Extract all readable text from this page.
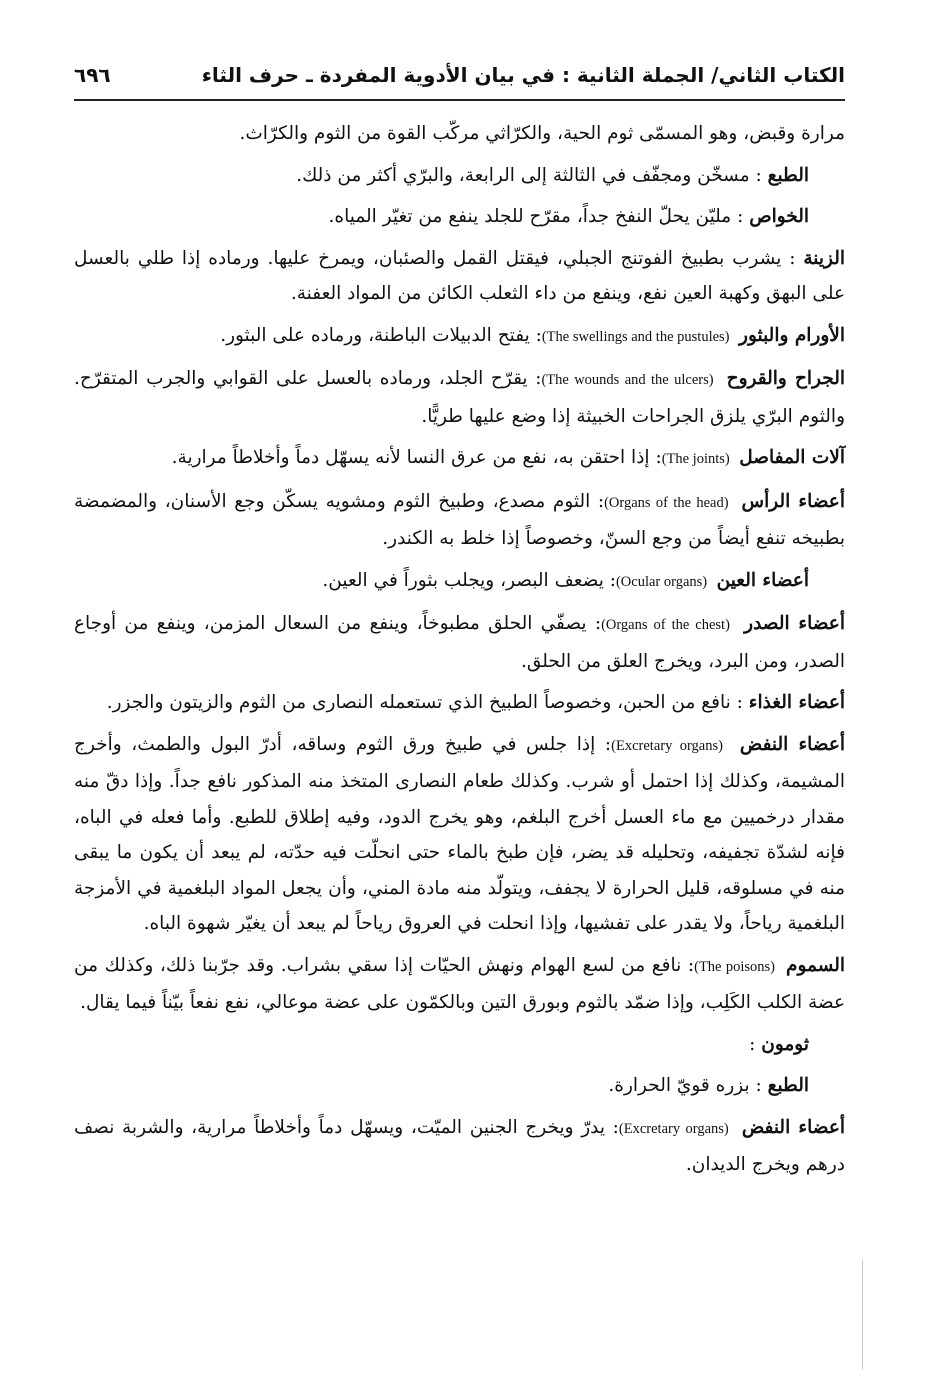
الكتاب الثاني/ الجملة الثانية : في بيان الأدوية المفردة ـ حرف الثاء
٦٩٦

مرارة وقبض، وهو المسمّى ثوم الحية، والكرّاثي مركّب القوة من الثوم والكرّاث.

الطبع : مسخّن ومجفّف في الثالثة إلى الرابعة، والبرّي أكثر من ذلك.

الخواص : مليّن يحلّ النفخ جداً، مقرّح للجلد ينفع من تغيّر المياه.

الزينة : يشرب بطبيخ الفوتنج الجبلي، فيقتل القمل والصئبان، ويمرخ عليها. ورماده إذا طلي بالعسل على البهق وكهبة العين نفع، وينفع من داء الثعلب الكائن من المواد العفنة.

الأورام والبثور (The swellings and the pustules) : يفتح الدبيلات الباطنة، ورماده على البثور.

الجراح والقروح (The wounds and the ulcers) : يقرّح الجلد، ورماده بالعسل على القوابي والجرب المتقرّح. والثوم البرّي يلزق الجراحات الخبيثة إذا وضع عليها طريًّا.

آلات المفاصل (The joints) : إذا احتقن به، نفع من عرق النسا لأنه يسهّل دماً وأخلاطاً مرارية.

أعضاء الرأس (Organs of the head) : الثوم مصدع، وطبيخ الثوم ومشويه يسكّن وجع الأسنان، والمضمضة بطبيخه تنفع أيضاً من وجع السنّ، وخصوصاً إذا خلط به الكندر.

أعضاء العين (Ocular organs) : يضعف البصر، ويجلب بثوراً في العين.

أعضاء الصدر (Organs of the chest) : يصفّي الحلق مطبوخاً، وينفع من السعال المزمن، وينفع من أوجاع الصدر، ومن البرد، ويخرج العلق من الحلق.

أعضاء الغذاء : نافع من الحبن، وخصوصاً الطبيخ الذي تستعمله النصارى من الثوم والزيتون والجزر.

أعضاء النفض (Excretary organs) : إذا جلس في طبيخ ورق الثوم وساقه، أدرّ البول والطمث، وأخرج المشيمة، وكذلك إذا احتمل أو شرب. وكذلك طعام النصارى المتخذ منه المذكور نافع جداً. وإذا دقّ منه مقدار درخميين مع ماء العسل أخرج البلغم، وهو يخرج الدود، وفيه إطلاق للطبع. وأما فعله في الباه، فإنه لشدّة تجفيفه، وتحليله قد يضر، فإن طبخ بالماء حتى انحلّت فيه حدّته، لم يبعد أن يكون ما يبقى منه في مسلوقه، قليل الحرارة لا يجفف، ويتولّد منه مادة المني، وأن يجعل المواد البلغمية في الأمزجة البلغمية رياحاً، ولا يقدر على تفشيها، وإذا انحلت في العروق رياحاً لم يبعد أن يغيّر شهوة الباه.

السموم (The poisons) : نافع من لسع الهوام ونهش الحيّات إذا سقي بشراب. وقد جرّبنا ذلك، وكذلك من عضة الكلب الكَلِب، وإذا ضمّد بالثوم وبورق التين وبالكمّون على عضة موعالي، نفع نفعاً بيّناً فيما يقال.

ثومون :

الطبع : بزره قويّ الحرارة.

أعضاء النفض (Excretary organs) : يدرّ ويخرج الجنين الميّت، ويسهّل دماً وأخلاطاً مرارية، والشربة نصف درهم ويخرج الديدان.
